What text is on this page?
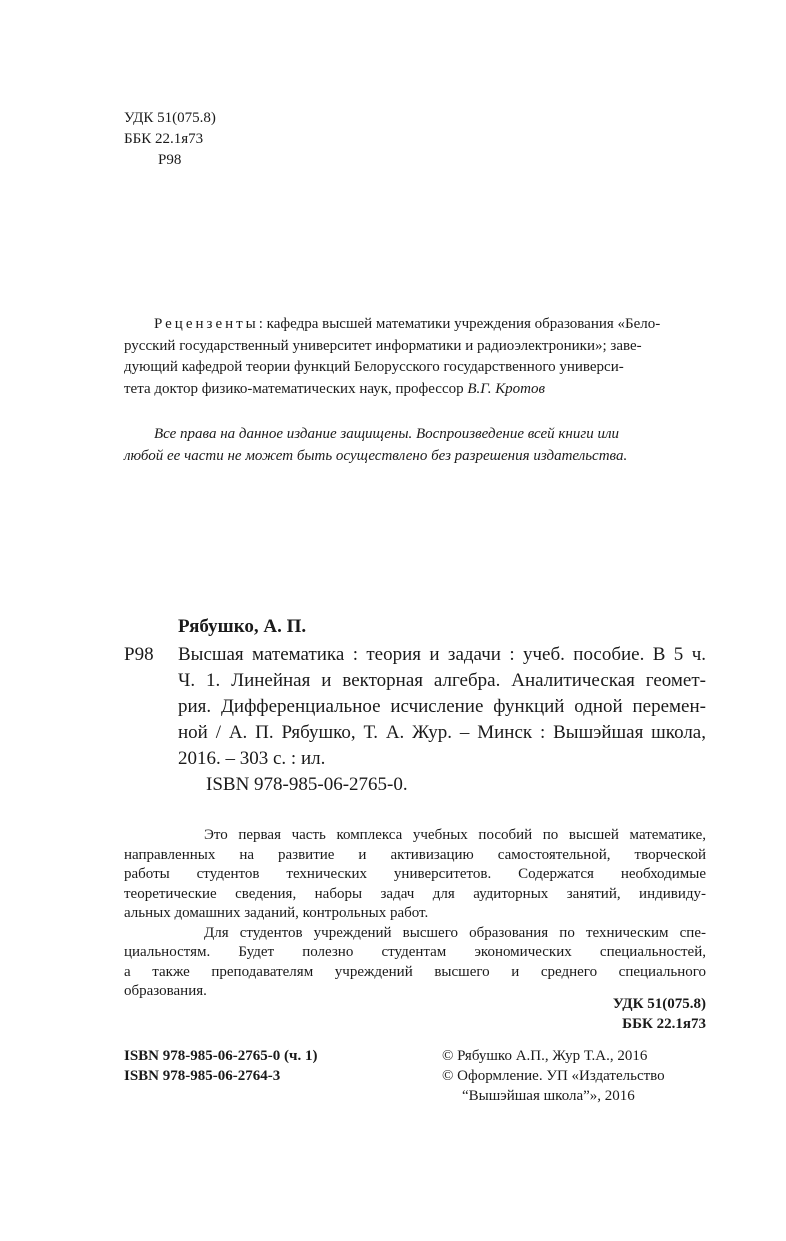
УДК 51(075.8)
ББК 22.1я73
Р98
Рецензенты: кафедра высшей математики учреждения образования «Бело-
русский государственный университет информатики и радиоэлектроники»; заве-
дующий кафедрой теории функций Белорусского государственного универси-
тета доктор физико-математических наук, профессор В.Г. Кротов
Все права на данное издание защищены. Воспроизведение всей книги или
любой ее части не может быть осуществлено без разрешения издательства.
Рябушко, А. П.
Р98 Высшая математика : теория и задачи : учеб. пособие. В 5 ч.
Ч. 1. Линейная и векторная алгебра. Аналитическая геомет-
рия. Дифференциальное исчисление функций одной перемен-
ной / А. П. Рябушко, Т. А. Жур. – Минск : Вышэйшая школа,
2016. – 303 с. : ил.
ISBN 978-985-06-2765-0.
Это первая часть комплекса учебных пособий по высшей математике,
направленных на развитие и активизацию самостоятельной, творческой
работы студентов технических университетов. Содержатся необходимые
теоретические сведения, наборы задач для аудиторных занятий, индивиду-
альных домашних заданий, контрольных работ.
Для студентов учреждений высшего образования по техническим спе-
циальностям. Будет полезно студентам экономических специальностей,
а также преподавателям учреждений высшего и среднего специального
образования.
УДК 51(075.8)
ББК 22.1я73
ISBN 978-985-06-2765-0 (ч. 1)
ISBN 978-985-06-2764-3
© Рябушко А.П., Жур Т.А., 2016
© Оформление. УП «Издательство
“Вышэйшая школа”», 2016
